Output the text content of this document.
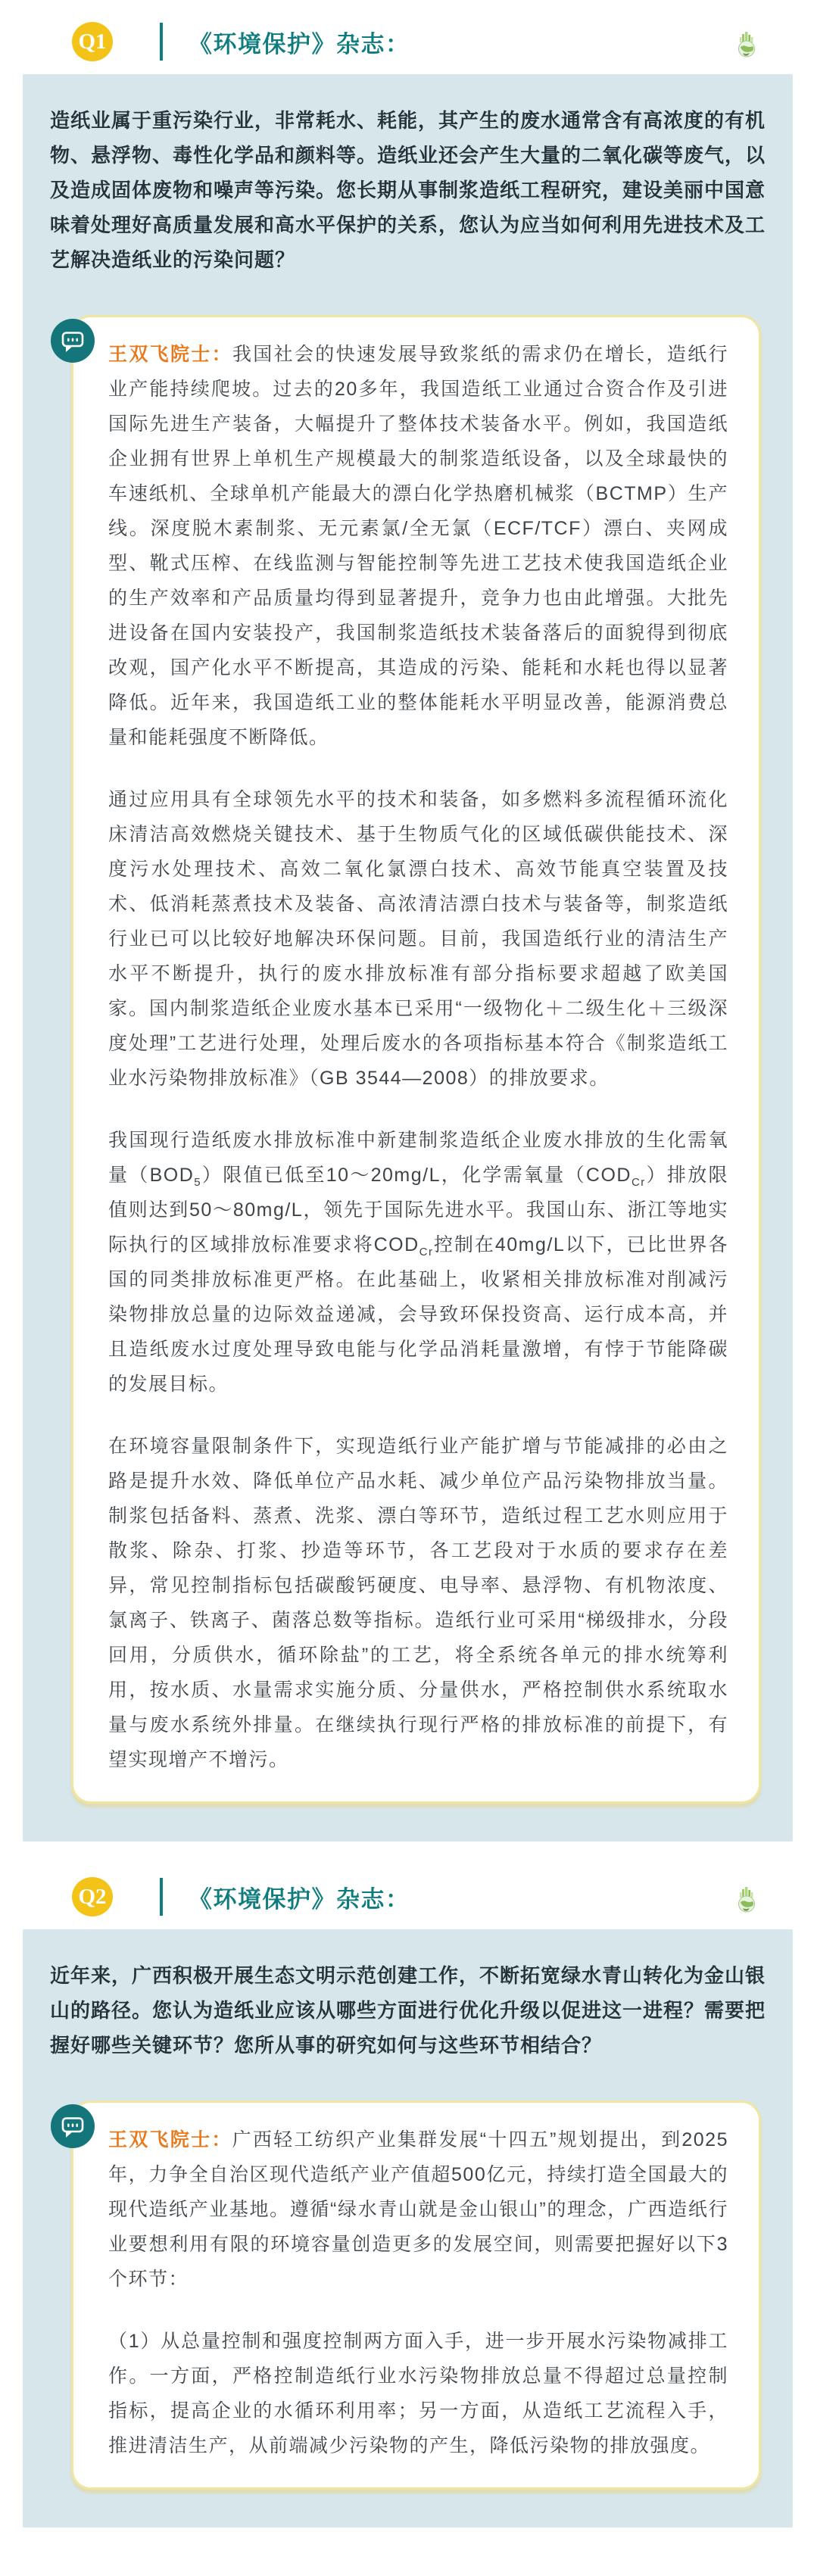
Q1	《环境保护》杂志：

造纸业属于重污染行业，非常耗水、耗能，其产生的废水通常含有高浓度的有机物、悬浮物、毒性化学品和颜料等。造纸业还会产生大量的二氧化碳等废气，以及造成固体废物和噪声等污染。您长期从事制浆造纸工程研究，建设美丽中国意味着处理好高质量发展和高水平保护的关系，您认为应当如何利用先进技术及工艺解决造纸业的污染问题？

王双飞院士：我国社会的快速发展导致浆纸的需求仍在增长，造纸行业产能持续爬坡。过去的20多年，我国造纸工业通过合资合作及引进国际先进生产装备，大幅提升了整体技术装备水平。例如，我国造纸企业拥有世界上单机生产规模最大的制浆造纸设备，以及全球最快的车速纸机、全球单机产能最大的漂白化学热磨机械浆（BCTMP）生产线。深度脱木素制浆、无元素氯/全无氯（ECF/TCF）漂白、夹网成型、靴式压榨、在线监测与智能控制等先进工艺技术使我国造纸企业的生产效率和产品质量均得到显著提升，竞争力也由此增强。大批先进设备在国内安装投产，我国制浆造纸技术装备落后的面貌得到彻底改观，国产化水平不断提高，其造成的污染、能耗和水耗也得以显著降低。近年来，我国造纸工业的整体能耗水平明显改善，能源消费总量和能耗强度不断降低。

通过应用具有全球领先水平的技术和装备，如多燃料多流程循环流化床清洁高效燃烧关键技术、基于生物质气化的区域低碳供能技术、深度污水处理技术、高效二氧化氯漂白技术、高效节能真空装置及技术、低消耗蒸煮技术及装备、高浓清洁漂白技术与装备等，制浆造纸行业已可以比较好地解决环保问题。目前，我国造纸行业的清洁生产水平不断提升，执行的废水排放标准有部分指标要求超越了欧美国家。国内制浆造纸企业废水基本已采用“一级物化＋二级生化＋三级深度处理”工艺进行处理，处理后废水的各项指标基本符合《制浆造纸工业水污染物排放标准》（GB 3544—2008）的排放要求。

我国现行造纸废水排放标准中新建制浆造纸企业废水排放的生化需氧量$(BOD_5)$限值已低至10～20mg/L，化学需氧量$(COD_{Cr})$排放限值则达到50～80mg/L，领先于国际先进水平。我国山东、浙江等地实际执行的区域排放标准要求将$COD_{Cr}$控制在40mg/L以下，已比世界各国的同类排放标准更严格。在此基础上，收紧相关排放标准对削减污染物排放总量的边际效益递减，会导致环保投资高、运行成本高，并且造纸废水过度处理导致电能与化学品消耗量激增，有悖于节能降碳的发展目标。

在环境容量限制条件下，实现造纸行业产能扩增与节能减排的必由之路是提升水效、降低单位产品水耗、减少单位产品污染物排放当量。制浆包括备料、蒸煮、洗浆、漂白等环节，造纸过程工艺水则应用于散浆、除杂、打浆、抄造等环节，各工艺段对于水质的要求存在差异，常见控制指标包括碳酸钙硬度、电导率、悬浮物、有机物浓度、氯离子、铁离子、菌落总数等指标。造纸行业可采用“梯级排水，分段回用，分质供水，循环除盐”的工艺，将全系统各单元的排水统筹利用，按水质、水量需求实施分质、分量供水，严格控制供水系统取水量与废水系统外排量。在继续执行现行严格的排放标准的前提下，有望实现增产不增污。

Q2	《环境保护》杂志：

近年来，广西积极开展生态文明示范创建工作，不断拓宽绿水青山转化为金山银山的路径。您认为造纸业应该从哪些方面进行优化升级以促进这一进程？需要把握好哪些关键环节？您所从事的研究如何与这些环节相结合？

王双飞院士：广西轻工纺织产业集群发展“十四五”规划提出，到2025年，力争全自治区现代造纸产业产值超500亿元，持续打造全国最大的现代造纸产业基地。遵循“绿水青山就是金山银山”的理念，广西造纸行业要想利用有限的环境容量创造更多的发展空间，则需要把握好以下3个环节：

（1）从总量控制和强度控制两方面入手，进一步开展水污染物减排工作。一方面，严格控制造纸行业水污染物排放总量不得超过总量控制指标，提高企业的水循环利用率；另一方面，从造纸工艺流程入手，推进清洁生产，从前端减少污染物的产生，降低污染物的排放强度。
